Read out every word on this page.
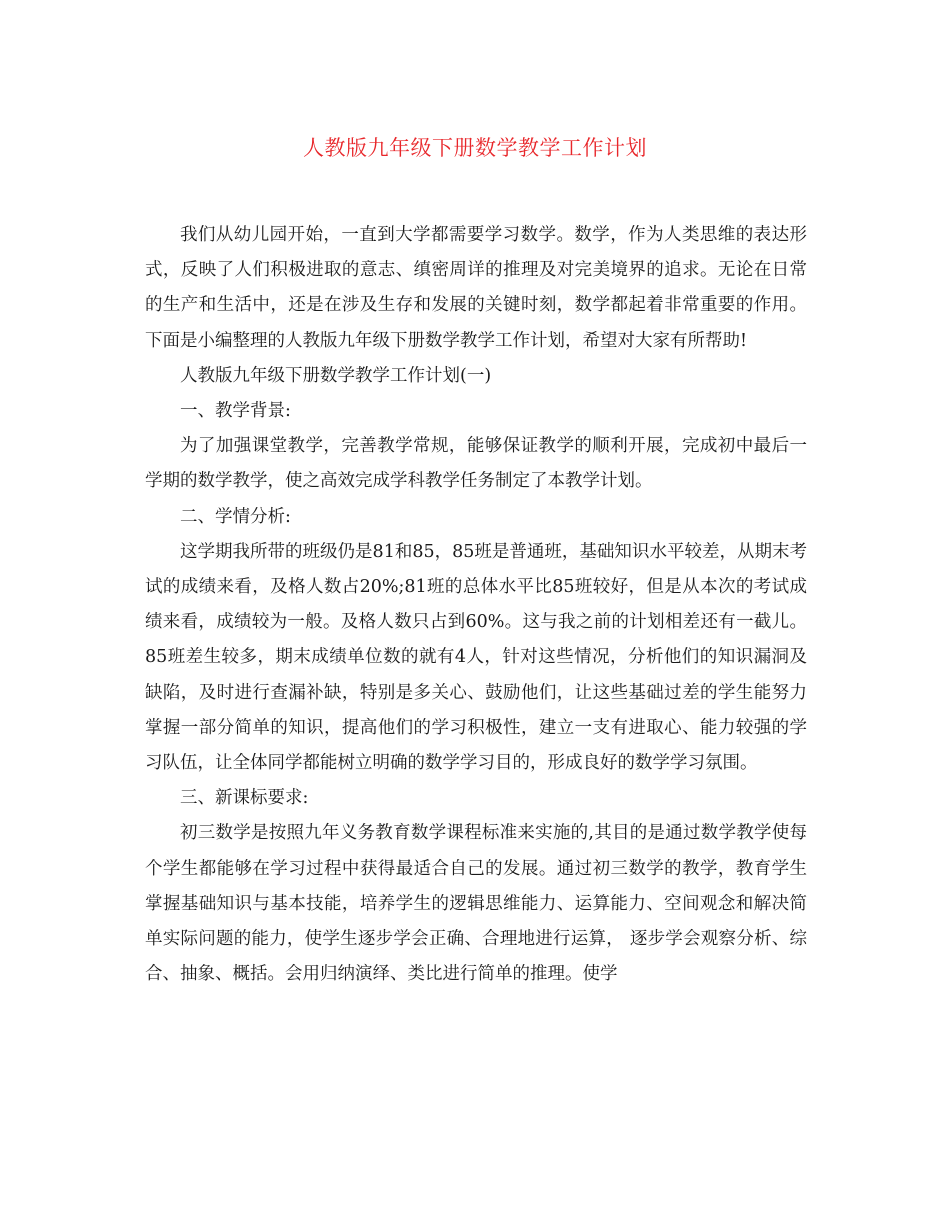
人教版九年级下册数学教学工作计划

我们从幼儿园开始，一直到大学都需要学习数学。数学，作为人类思维的表达形式，反映了人们积极进取的意志、缜密周详的推理及对完美境界的追求。无论在日常的生产和生活中，还是在涉及生存和发展的关键时刻，数学都起着非常重要的作用。下面是小编整理的人教版九年级下册数学教学工作计划，希望对大家有所帮助!

人教版九年级下册数学教学工作计划(一)

一、教学背景:

为了加强课堂教学，完善教学常规，能够保证教学的顺利开展，完成初中最后一学期的数学教学，使之高效完成学科教学任务制定了本教学计划。

二、学情分析:

这学期我所带的班级仍是81和85，85班是普通班，基础知识水平较差，从期末考试的成绩来看，及格人数占20%;81班的总体水平比85班较好，但是从本次的考试成绩来看，成绩较为一般。及格人数只占到60%。这与我之前的计划相差还有一截儿。85班差生较多，期末成绩单位数的就有4人，针对这些情况，分析他们的知识漏洞及缺陷，及时进行查漏补缺，特别是多关心、鼓励他们，让这些基础过差的学生能努力掌握一部分简单的知识，提高他们的学习积极性，建立一支有进取心、能力较强的学习队伍，让全体同学都能树立明确的数学学习目的，形成良好的数学学习氛围。

三、新课标要求:

初三数学是按照九年义务教育数学课程标准来实施的,其目的是通过数学教学使每个学生都能够在学习过程中获得最适合自己的发展。通过初三数学的教学，教育学生掌握基础知识与基本技能，培养学生的逻辑思维能力、运算能力、空间观念和解决简单实际问题的能力，使学生逐步学会正确、合理地进行运算， 逐步学会观察分析、综合、抽象、概括。会用归纳演绎、类比进行简单的推理。使学
